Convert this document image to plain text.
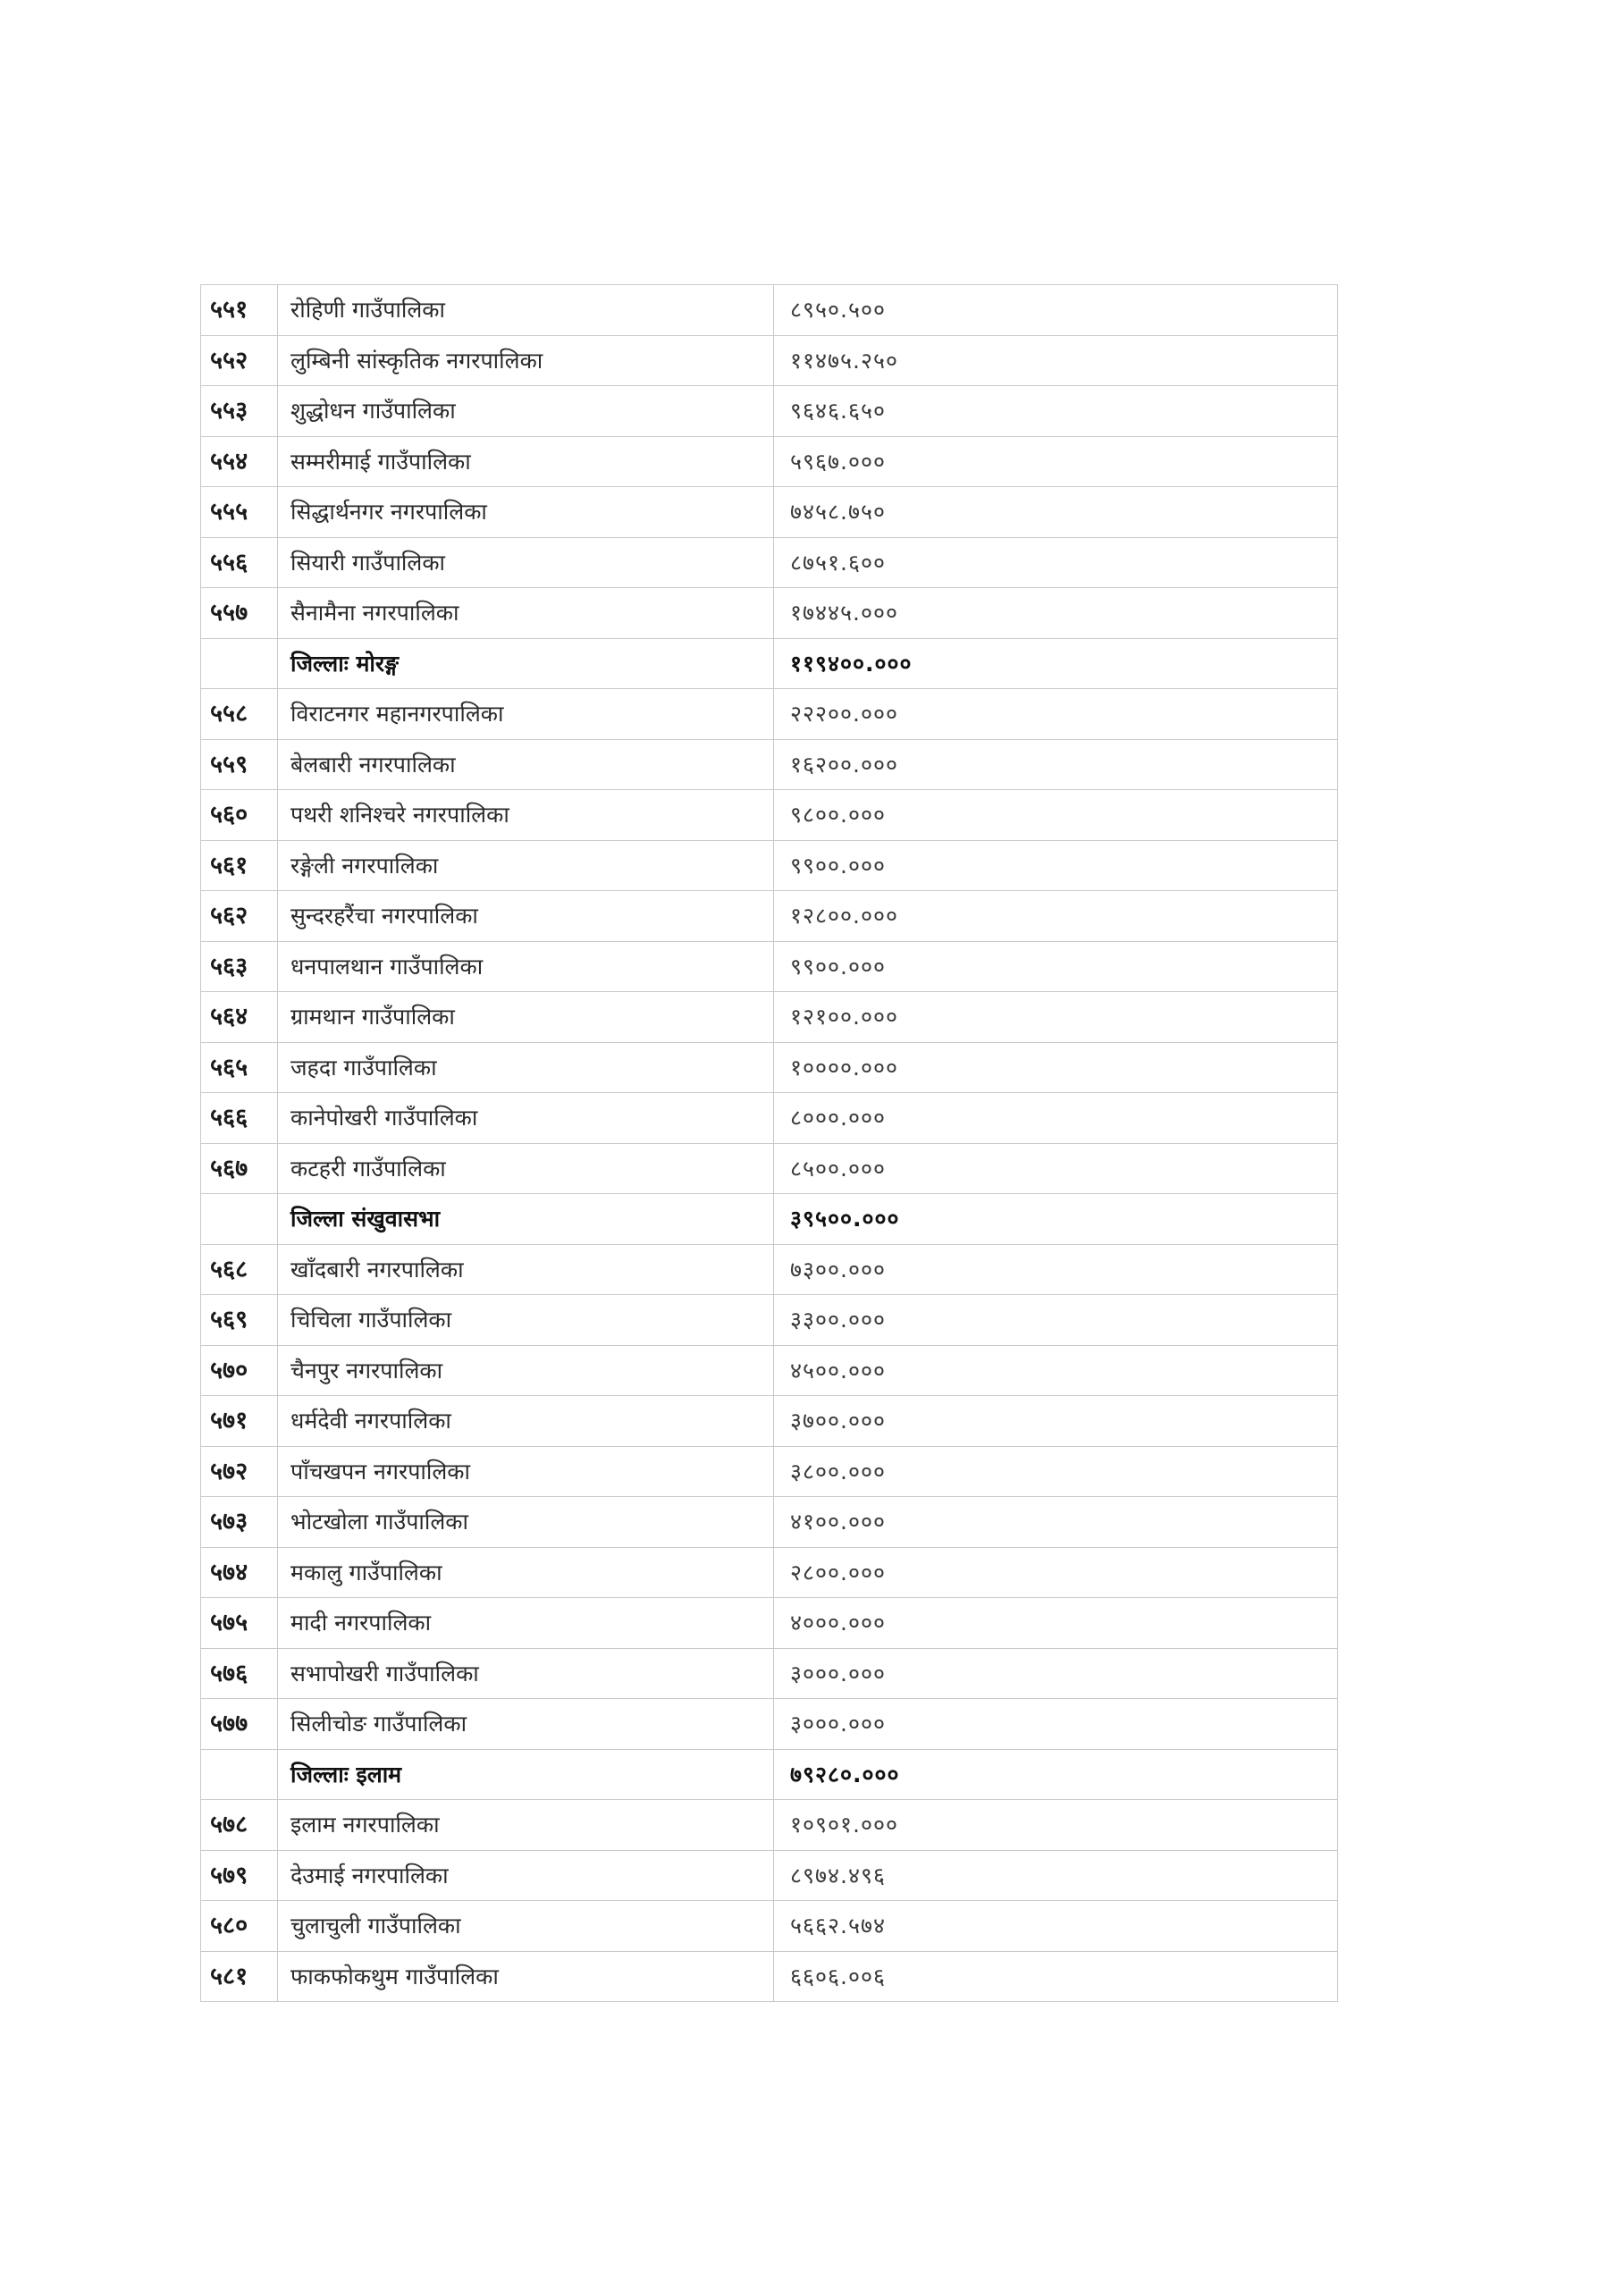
५५१	रोहिणी गाउँपालिका	८९५०.५००
५५२	लुम्बिनी सांस्कृतिक नगरपालिका	११४७५.२५०
५५३	शुद्धोधन गाउँपालिका	९६४६.६५०
५५४	सम्मरीमाई गाउँपालिका	५९६७.०००
५५५	सिद्धार्थनगर नगरपालिका	७४५८.७५०
५५६	सियारी गाउँपालिका	८७५१.६००
५५७	सैनामैना नगरपालिका	१७४४५.०००
	जिल्लाः मोरङ्ग	११९४००.०००
५५८	विराटनगर महानगरपालिका	२२२००.०००
५५९	बेलबारी नगरपालिका	१६२००.०००
५६०	पथरी शनिश्चरे नगरपालिका	९८००.०००
५६१	रङ्गेली नगरपालिका	९९००.०००
५६२	सुन्दरहरैंचा नगरपालिका	१२८००.०००
५६३	धनपालथान गाउँपालिका	९९००.०००
५६४	ग्रामथान गाउँपालिका	१२१००.०००
५६५	जहदा गाउँपालिका	१००००.०००
५६६	कानेपोखरी गाउँपालिका	८०००.०००
५६७	कटहरी गाउँपालिका	८५००.०००
	जिल्ला संखुवासभा	३९५००.०००
५६८	खाँदबारी नगरपालिका	७३००.०००
५६९	चिचिला गाउँपालिका	३३००.०००
५७०	चैनपुर नगरपालिका	४५००.०००
५७१	धर्मदेवी नगरपालिका	३७००.०००
५७२	पाँचखपन नगरपालिका	३८००.०००
५७३	भोटखोला गाउँपालिका	४१००.०००
५७४	मकालु गाउँपालिका	२८००.०००
५७५	मादी नगरपालिका	४०००.०००
५७६	सभापोखरी गाउँपालिका	३०००.०००
५७७	सिलीचोङ गाउँपालिका	३०००.०००
	जिल्लाः इलाम	७९२८०.०००
५७८	इलाम नगरपालिका	१०९०१.०००
५७९	देउमाई नगरपालिका	८९७४.४९६
५८०	चुलाचुली गाउँपालिका	५६६२.५७४
५८१	फाकफोकथुम गाउँपालिका	६६०६.००६
